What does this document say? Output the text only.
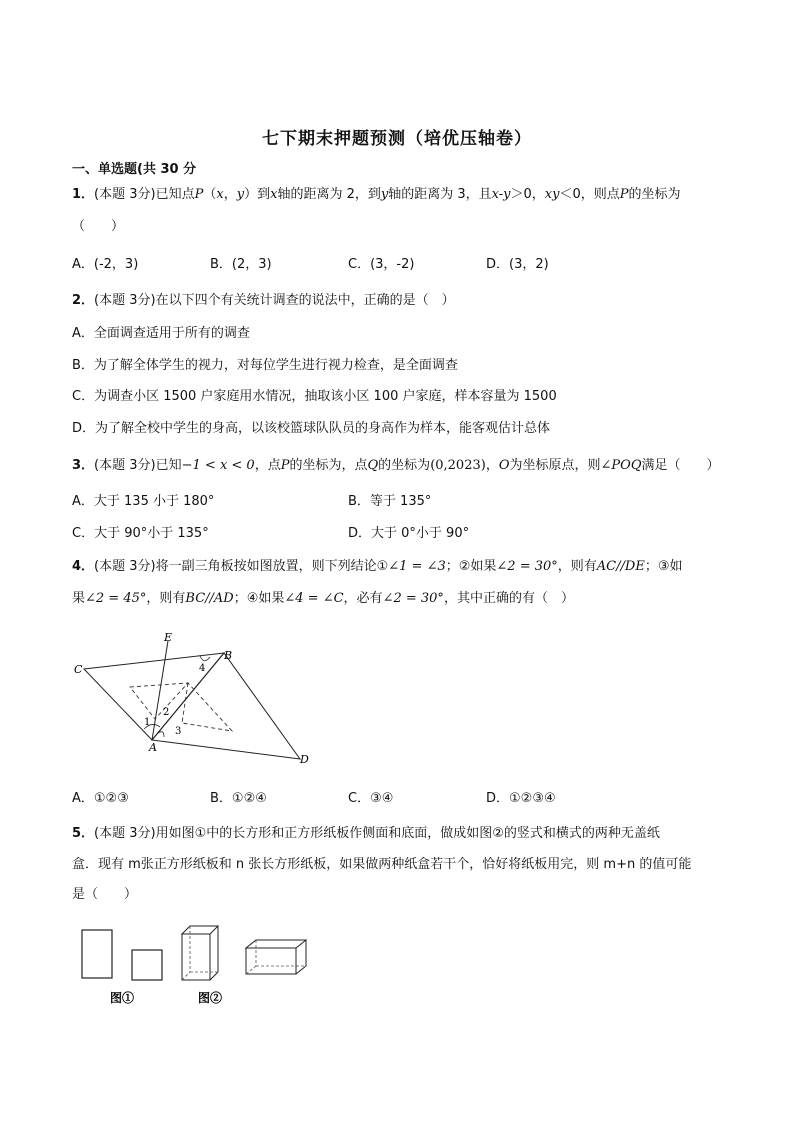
七下期末押题预测（培优压轴卷）
一、单选题(共 30 分
1．(本题 3分)已知点P（x，y）到x轴的距离为 2，到y轴的距离为 3，且x-y＞0，xy＜0，则点P的坐标为
（　　）
A．(-2，3)	B．(2，3)	C．(3，-2)	D．(3，2)
2．(本题 3分)在以下四个有关统计调查的说法中，正确的是（　）
A．全面调查适用于所有的调查
B．为了解全体学生的视力，对每位学生进行视力检查，是全面调查
C．为调查小区 1500 户家庭用水情况，抽取该小区 100 户家庭，样本容量为 1500
D．为了解全校中学生的身高，以该校篮球队队员的身高作为样本，能客观估计总体
3．(本题 3分)已知−1 < x < 0，点P的坐标为，点Q的坐标为(0,2023)，O为坐标原点，则∠POQ满足（　　）
A．大于 135 小于 180°	B．等于 135°
C．大于 90°小于 135°	D．大于 0°小于 90°
4．(本题 3分)将一副三角板按如图放置，则下列结论①∠1 = ∠3；②如果∠2 = 30°，则有AC//DE；③如
果∠2 = 45°，则有BC//AD；④如果∠4 = ∠C，必有∠2 = 30°，其中正确的有（　）
E
B
C	4
1
2
3
A
D
A．①②③	B．①②④	C．③④	D．①②③④
5．(本题 3分)用如图①中的长方形和正方形纸板作侧面和底面，做成如图②的竖式和横式的两种无盖纸
盒．现有 m张正方形纸板和 n 张长方形纸板，如果做两种纸盒若干个，恰好将纸板用完，则 m+n 的值可能
是（　　）
图①	图②
